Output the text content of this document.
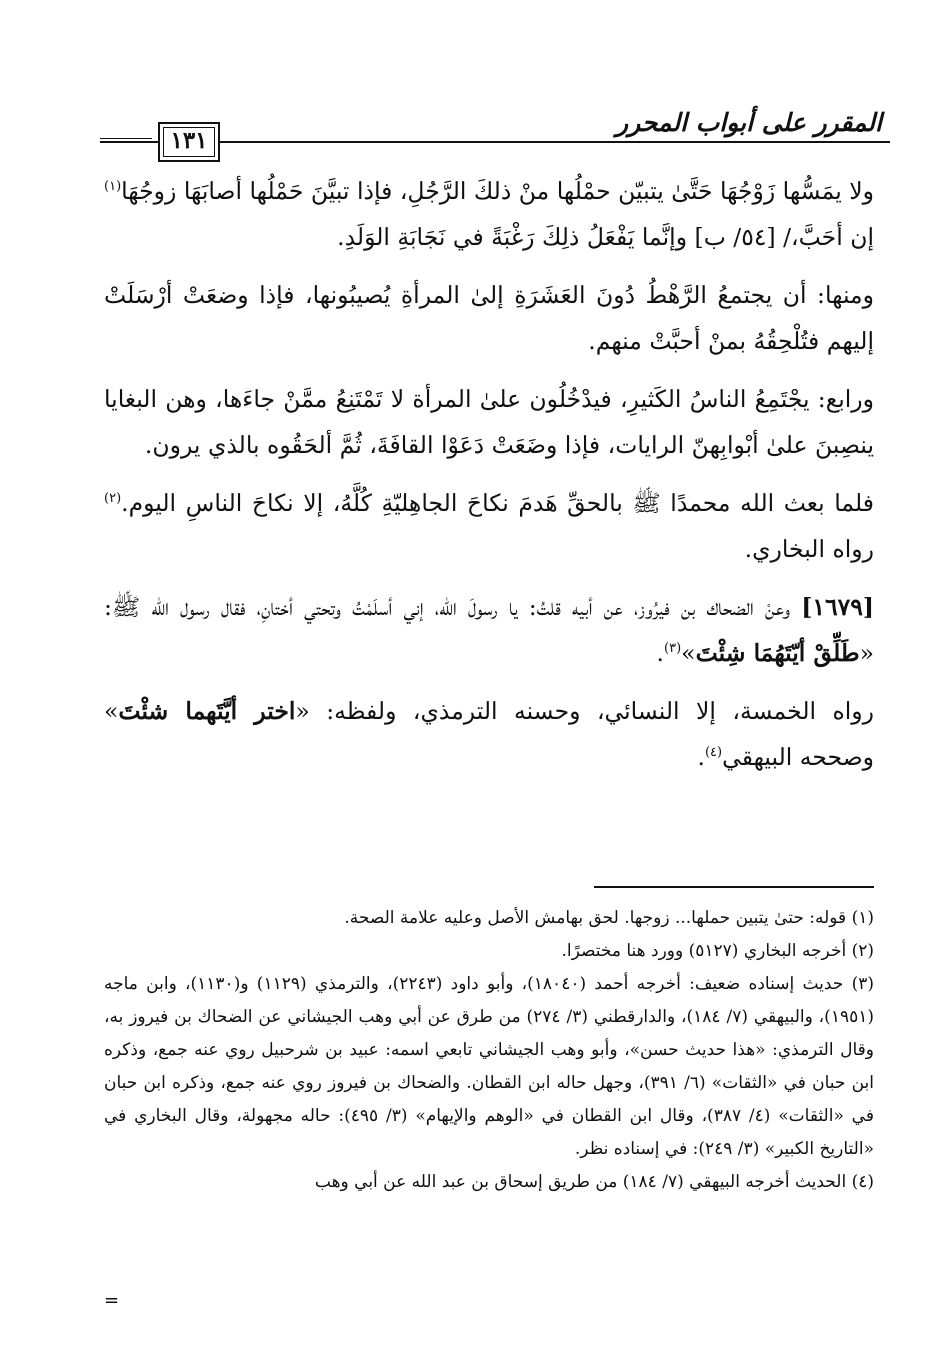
١٣١
المقرر على أبواب المحرر

ولا يمَسُّها زَوْجُهَا حَتَّىٰ يتبيّن حمْلُها منْ ذلكَ الرَّجُلِ، فإذا تبيَّنَ حَمْلُها أصابَهَا زوجُهَا$^{(١)}$ إن أحَبَّ،/ [٥٤/ ب] وإنَّما يَفْعَلُ ذلِكَ رَغْبَةً في نَجَابَةِ الوَلَدِ.

ومنها: أن يجتمعُ الرَّهْطُ دُونَ العَشَرَةِ إلىٰ المرأةِ يُصيبُونها، فإذا وضعَتْ أرْسَلَتْ إليهم فتُلْحِقُهُ بمنْ أحبَّتْ منهم.

ورابع: يجْتَمِعُ الناسُ الكَثيرِ، فيدْخُلُون علىٰ المرأة لا تَمْتَنِعُ ممَّنْ جاءَها، وهن البغايا ينصِبنَ علىٰ أبْوابِهنّ الرايات، فإذا وضَعَتْ دَعَوْا القافَةَ، ثُمَّ ألحَقُوه بالذي يرون.

فلما بعث الله محمدًا ﷺ بالحقِّ هَدمَ نكاحَ الجاهِليّةِ كُلَّهُ، إلا نكاحَ الناسِ اليوم.$^{(٢)}$ رواه البخاري.

[١٦٧٩] وعنْ الضحاك بن فيرُوز، عن أبيه قلتُ: يا رسولَ الله، إني أسلَمْتُ وتحتي أختانِ، فقال رسول الله ﷺ: «طَلِّقْ أيّتَهُمَا شِئْتَ»$^{(٣)}$.

رواه الخمسة، إلا النسائي، وحسنه الترمذي، ولفظه: «اختر أيَّتَهما شئْتَ» وصححه البيهقي$^{(٤)}$.

(١) قوله: حتىٰ يتبين حملها... زوجها. لحق بهامش الأصل وعليه علامة الصحة.

(٢) أخرجه البخاري (٥١٢٧) وورد هنا مختصرًا.

(٣) حديث إسناده ضعيف: أخرجه أحمد (١٨٠٤٠)، وأبو داود (٢٢٤٣)، والترمذي (١١٢٩) و(١١٣٠)، وابن ماجه (١٩٥١)، والبيهقي (٧/ ١٨٤)، والدارقطني (٣/ ٢٧٤) من طرق عن أبي وهب الجيشاني عن الضحاك بن فيروز به، وقال الترمذي: «هذا حديث حسن»، وأبو وهب الجيشاني تابعي اسمه: عبيد بن شرحبيل روي عنه جمع، وذكره ابن حبان في «الثقات» (٦/ ٣٩١)، وجهل حاله ابن القطان. والضحاك بن فيروز روي عنه جمع، وذكره ابن حبان في «الثقات» (٤/ ٣٨٧)، وقال ابن القطان في «الوهم والإيهام» (٣/ ٤٩٥): حاله مجهولة، وقال البخاري في «التاريخ الكبير» (٣/ ٢٤٩): في إسناده نظر.

(٤) الحديث أخرجه البيهقي (٧/ ١٨٤) من طريق إسحاق بن عبد الله عن أبي وهب

=
